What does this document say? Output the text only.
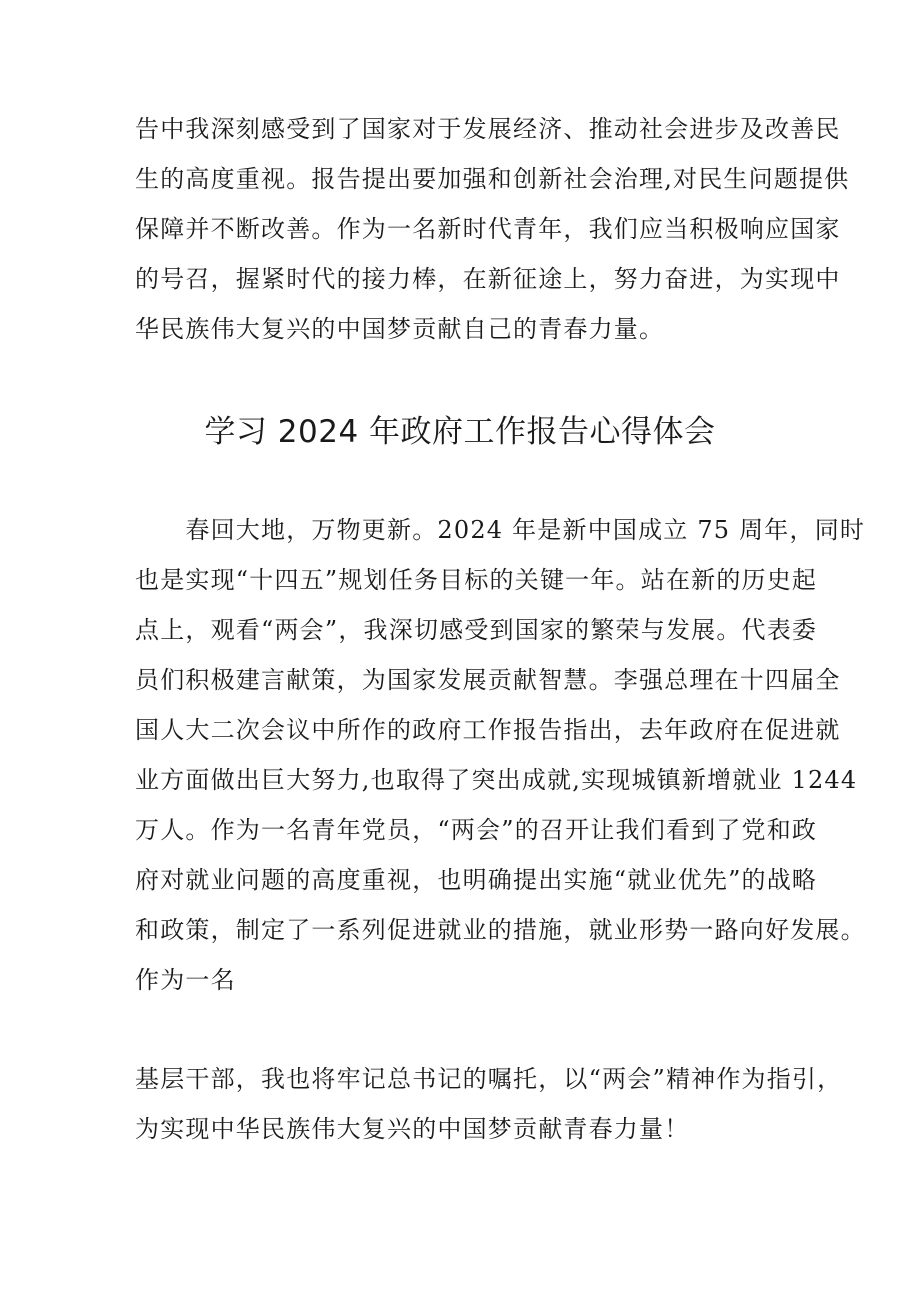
告中我深刻感受到了国家对于发展经济、推动社会进步及改善民
生的高度重视。报告提出要加强和创新社会治理,对民生问题提供
保障并不断改善。作为一名新时代青年，我们应当积极响应国家
的号召，握紧时代的接力棒，在新征途上，努力奋进，为实现中
华民族伟大复兴的中国梦贡献自己的青春力量。
学习 2024 年政府工作报告心得体会
　　春回大地，万物更新。2024 年是新中国成立 75 周年，同时
也是实现“十四五”规划任务目标的关键一年。站在新的历史起
点上，观看“两会”，我深切感受到国家的繁荣与发展。代表委
员们积极建言献策，为国家发展贡献智慧。李强总理在十四届全
国人大二次会议中所作的政府工作报告指出，去年政府在促进就
业方面做出巨大努力,也取得了突出成就,实现城镇新增就业 1244
万人。作为一名青年党员，“两会”的召开让我们看到了党和政
府对就业问题的高度重视，也明确提出实施“就业优先”的战略
和政策，制定了一系列促进就业的措施，就业形势一路向好发展。
作为一名
基层干部，我也将牢记总书记的嘱托，以“两会”精神作为指引，
为实现中华民族伟大复兴的中国梦贡献青春力量！
